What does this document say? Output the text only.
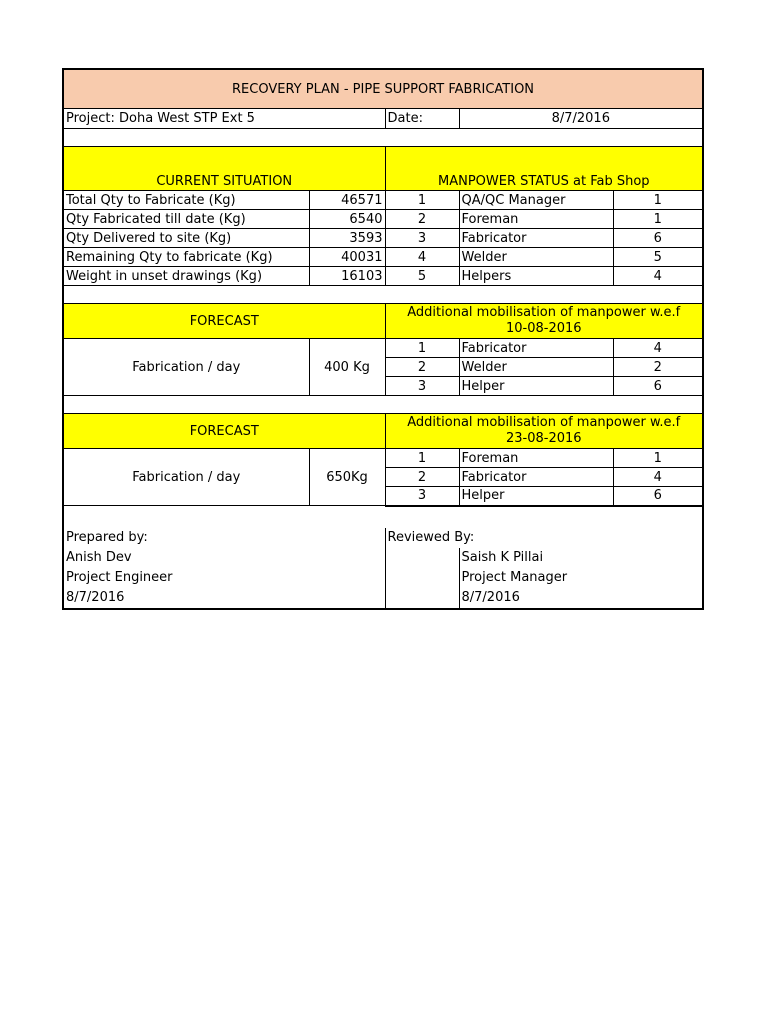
RECOVERY PLAN - PIPE SUPPORT FABRICATION				
Project: Doha West STP Ext 5		Date:	8/7/2016	

CURRENT SITUATION		MANPOWER STATUS at Fab Shop		
Total Qty to Fabricate (Kg)	46571	1	QA/QC Manager	1
Qty Fabricated till date (Kg)	6540	2	Foreman	1
Qty Delivered to site (Kg)	3593	3	Fabricator	6
Remaining Qty to fabricate (Kg)	40031	4	Welder	5
Weight in unset drawings (Kg)	16103	5	Helpers	4

FORECAST		Additional mobilisation of manpower w.e.f
10-08-2016		

Fabrication / day	400 Kg	1	Fabricator	4
		2	Welder	2
		3	Helper	6

FORECAST		Additional mobilisation of manpower w.e.f
23-08-2016		

Fabrication / day	650Kg	1	Foreman	1
		2	Fabricator	4
		3	Helper	6

Prepared by:		Reviewed By:		
Anish Dev			Saish K Pillai	
Project Engineer			Project Manager	
8/7/2016			8/7/2016	
